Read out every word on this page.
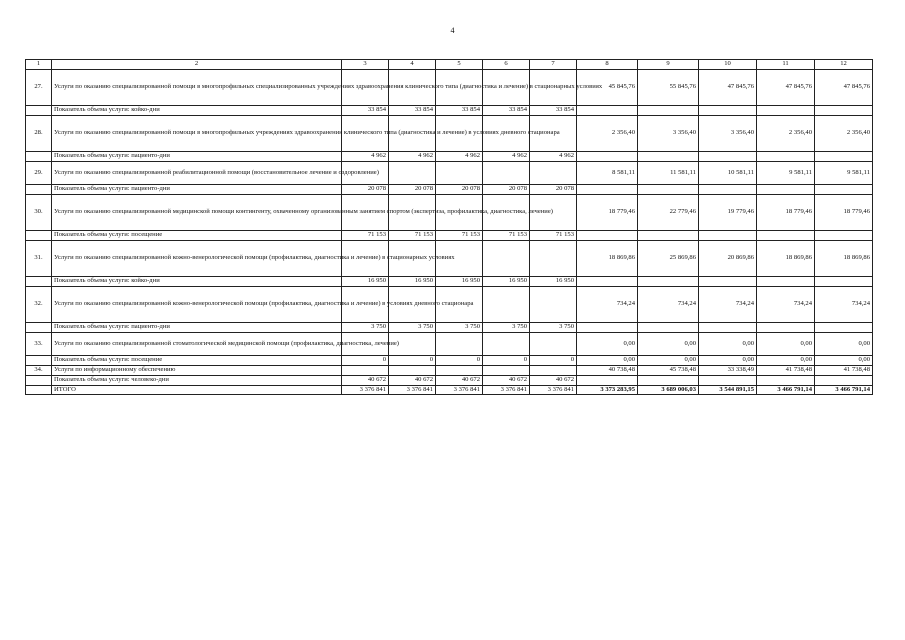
4
1	2	3	4	5	6	7	8	9	10	11	12
27.	Услуги по оказанию специализированной помощи в многопрофильных специализированных учреждениях здравоохранения клинического типа (диагностика и лечение) в стационарных условиях						45 845,76	55 845,76	47 845,76	47 845,76	47 845,76
	Показатель объема услуги: койко-дни	33 854	33 854	33 854	33 854	33 854					
28.	Услуги по оказанию специализированной помощи в многопрофильных учреждениях здравоохранения клинического типа (диагностика и лечение) в условиях дневного стационара						2 356,40	3 356,40	3 356,40	2 356,40	2 356,40
	Показатель объема услуги: пациенто-дни	4 962	4 962	4 962	4 962	4 962					
29.	Услуги по оказанию специализированной реабилитационной помощи (восстановительное лечение и оздоровление)						8 581,11	11 581,11	10 581,11	9 581,11	9 581,11
	Показатель объема услуги: пациенто-дни	20 078	20 078	20 078	20 078	20 078					
30.	Услуги по оказанию специализированной медицинской помощи контингенту, охваченному организованным занятием спортом (экспертиза, профилактика, диагностика, лечение)						18 779,46	22 779,46	19 779,46	18 779,46	18 779,46
	Показатель объема услуги: посещение	71 153	71 153	71 153	71 153	71 153					
31.	Услуги по оказанию специализированной кожно-венерологической помощи (профилактика, диагностика и лечение) в стационарных условиях						18 869,86	25 869,86	20 869,86	18 869,86	18 869,86
	Показатель объема услуги: койко-дни	16 950	16 950	16 950	16 950	16 950					
32.	Услуги по оказанию специализированной кожно-венерологической помощи (профилактика, диагностика и лечение) в условиях дневного стационара						734,24	734,24	734,24	734,24	734,24
	Показатель объема услуги: пациенто-дни	3 750	3 750	3 750	3 750	3 750					
33.	Услуги по оказанию специализированной стоматологической медицинской помощи (профилактика, диагностика, лечение)						0,00	0,00	0,00	0,00	0,00
	Показатель объема услуги: посещение	0	0	0	0	0	0,00	0,00	0,00	0,00	0,00
34.	Услуги по информационному обеспечению						40 738,48	45 738,48	33 338,49	41 738,48	41 738,48
	Показатель объема услуги: человеко-дни	40 672	40 672	40 672	40 672	40 672					
	ИТОГО	3 376 841	3 376 841	3 376 841	3 376 841	3 376 841	3 373 283,95	3 689 006,03	3 544 891,15	3 466 791,14	3 466 791,14
